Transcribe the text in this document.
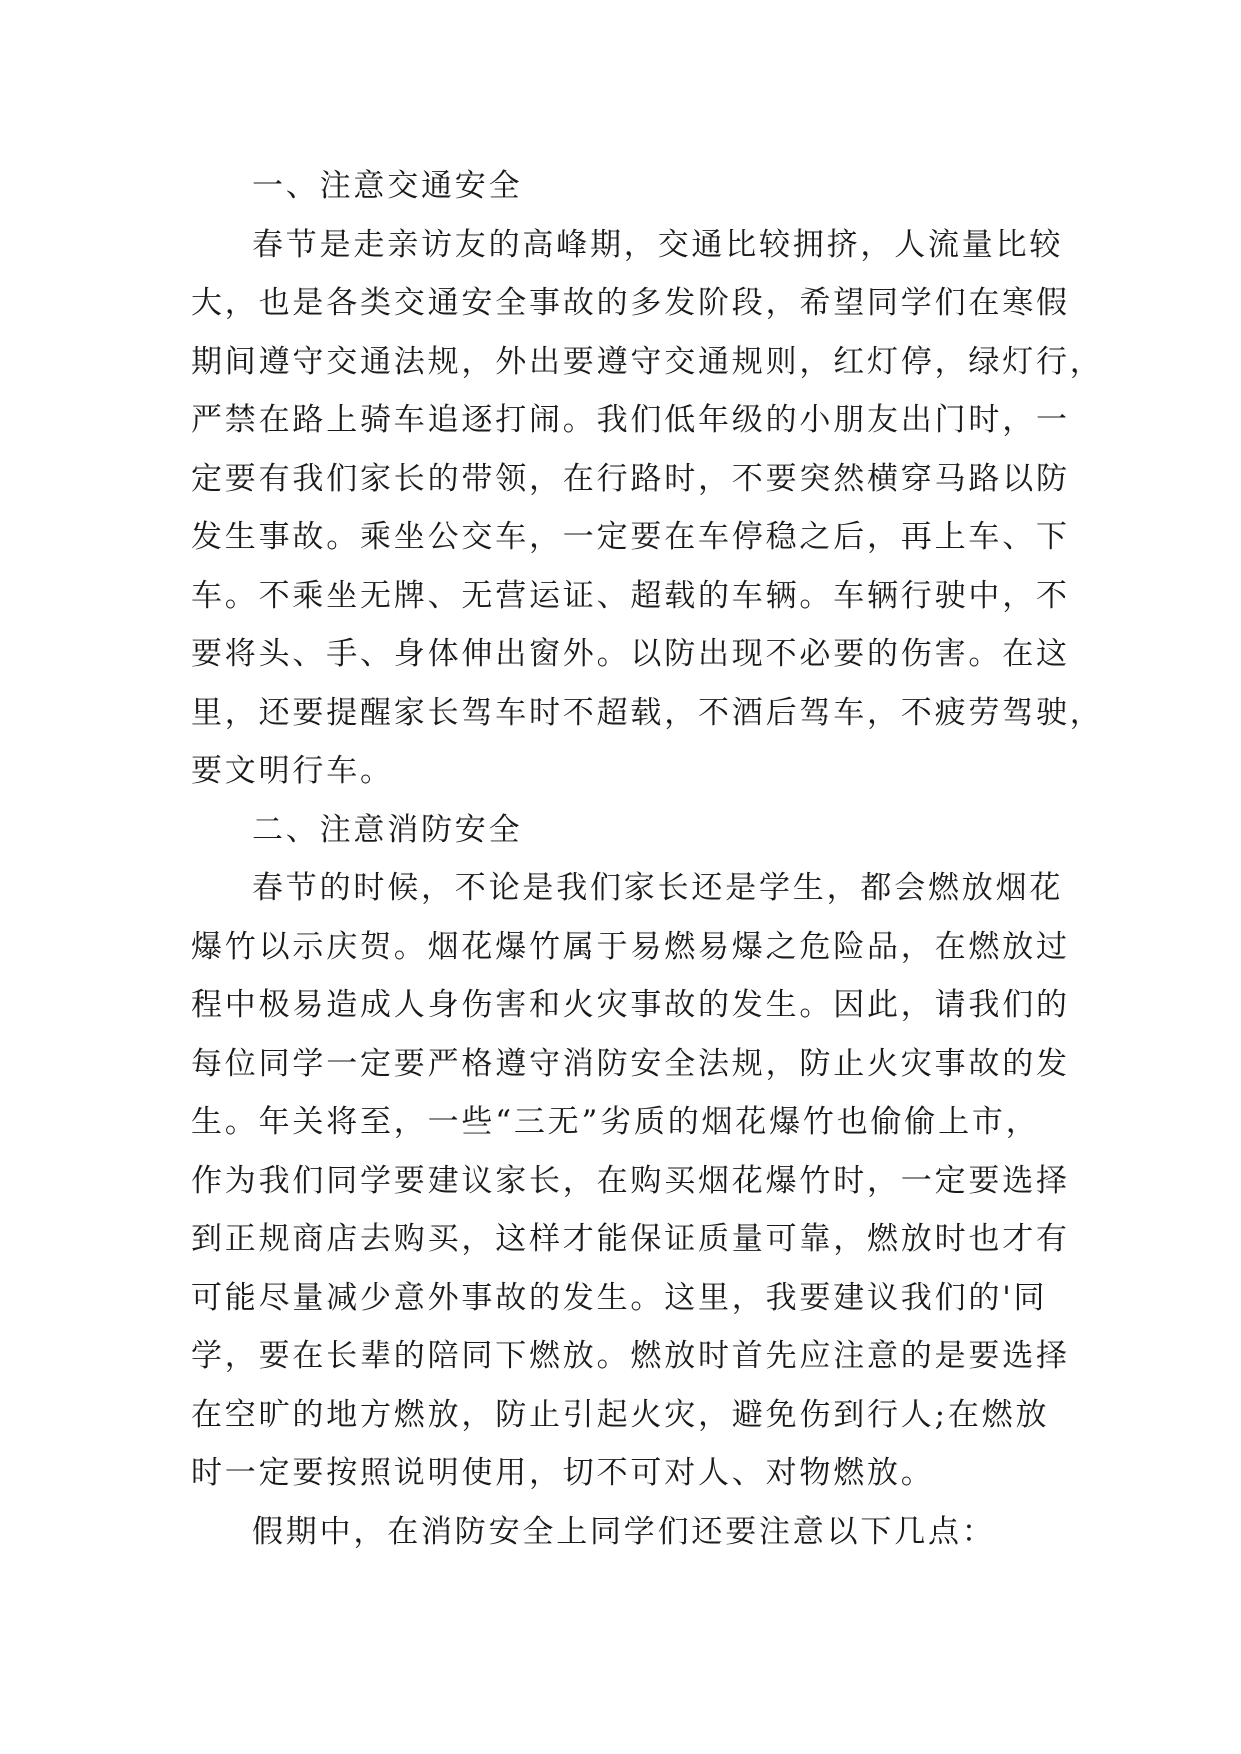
一、注意交通安全
春节是走亲访友的高峰期，交通比较拥挤，人流量比较
大，也是各类交通安全事故的多发阶段，希望同学们在寒假
期间遵守交通法规，外出要遵守交通规则，红灯停，绿灯行，
严禁在路上骑车追逐打闹。我们低年级的小朋友出门时，一
定要有我们家长的带领，在行路时，不要突然横穿马路以防
发生事故。乘坐公交车，一定要在车停稳之后，再上车、下
车。不乘坐无牌、无营运证、超载的车辆。车辆行驶中，不
要将头、手、身体伸出窗外。以防出现不必要的伤害。在这
里，还要提醒家长驾车时不超载，不酒后驾车，不疲劳驾驶，
要文明行车。
二、注意消防安全
春节的时候，不论是我们家长还是学生，都会燃放烟花
爆竹以示庆贺。烟花爆竹属于易燃易爆之危险品，在燃放过
程中极易造成人身伤害和火灾事故的发生。因此，请我们的
每位同学一定要严格遵守消防安全法规，防止火灾事故的发
生。年关将至，一些“三无”劣质的烟花爆竹也偷偷上市，
作为我们同学要建议家长，在购买烟花爆竹时，一定要选择
到正规商店去购买，这样才能保证质量可靠，燃放时也才有
可能尽量减少意外事故的发生。这里，我要建议我们的'同
学，要在长辈的陪同下燃放。燃放时首先应注意的是要选择
在空旷的地方燃放，防止引起火灾，避免伤到行人;在燃放
时一定要按照说明使用，切不可对人、对物燃放。
假期中，在消防安全上同学们还要注意以下几点：
